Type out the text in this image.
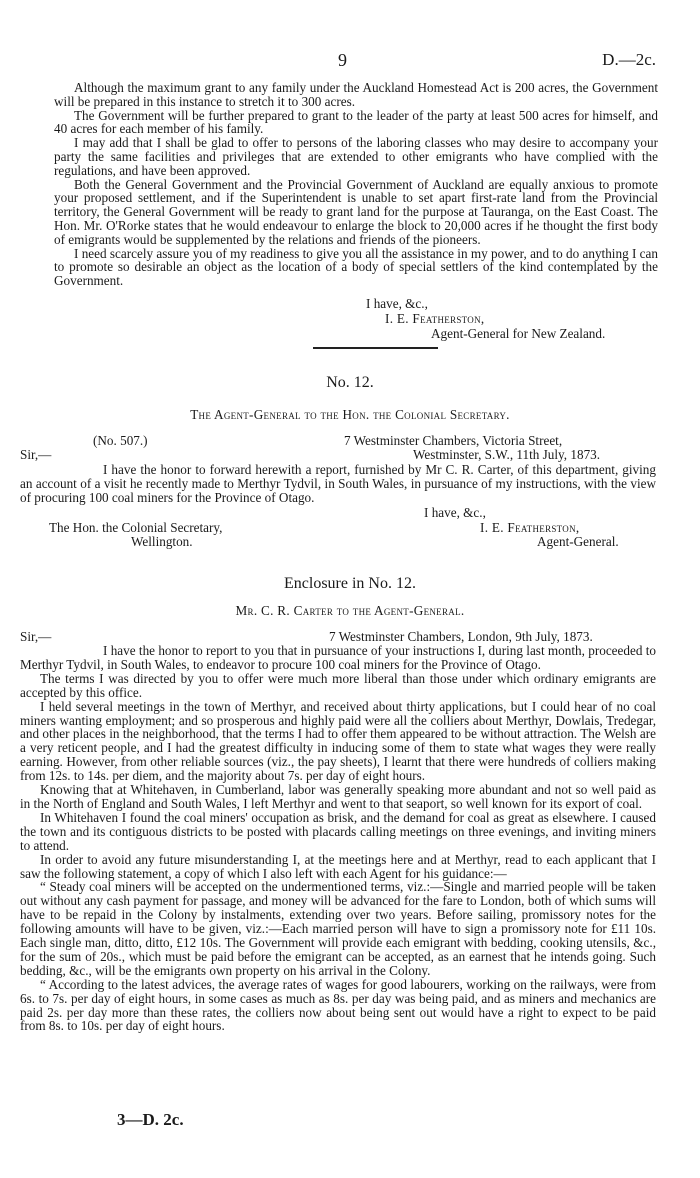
9	D.—2c.

Although the maximum grant to any family under the Auckland Homestead Act is 200 acres, the Government will be prepared in this instance to stretch it to 300 acres.

The Government will be further prepared to grant to the leader of the party at least 500 acres for himself, and 40 acres for each member of his family.

I may add that I shall be glad to offer to persons of the laboring classes who may desire to accompany your party the same facilities and privileges that are extended to other emigrants who have complied with the regulations, and have been approved.

Both the General Government and the Provincial Government of Auckland are equally anxious to promote your proposed settlement, and if the Superintendent is unable to set apart first-rate land from the Provincial territory, the General Government will be ready to grant land for the purpose at Tauranga, on the East Coast. The Hon. Mr. O'Rorke states that he would endeavour to enlarge the block to 20,000 acres if he thought the first body of emigrants would be supplemented by the relations and friends of the pioneers.

I need scarcely assure you of my readiness to give you all the assistance in my power, and to do anything I can to promote so desirable an object as the location of a body of special settlers of the kind contemplated by the Government.

I have, &c.,
I. E. Featherston,
Agent-General for New Zealand.
No. 12.
The Agent-General to the Hon. the Colonial Secretary.
(No. 507.)	7 Westminster Chambers, Victoria Street,
Sir,—	Westminster, S.W., 11th July, 1873.

I have the honor to forward herewith a report, furnished by Mr C. R. Carter, of this department, giving an account of a visit he recently made to Merthyr Tydvil, in South Wales, in pursuance of my instructions, with the view of procuring 100 coal miners for the Province of Otago.

I have, &c.,
The Hon. the Colonial Secretary,	I. E. Featherston,
Wellington.	Agent-General.
Enclosure in No. 12.
Mr. C. R. Carter to the Agent-General.
Sir,—	7 Westminster Chambers, London, 9th July, 1873.

I have the honor to report to you that in pursuance of your instructions I, during last month, proceeded to Merthyr Tydvil, in South Wales, to endeavor to procure 100 coal miners for the Province of Otago.

The terms I was directed by you to offer were much more liberal than those under which ordinary emigrants are accepted by this office.

I held several meetings in the town of Merthyr, and received about thirty applications, but I could hear of no coal miners wanting employment; and so prosperous and highly paid were all the colliers about Merthyr, Dowlais, Tredegar, and other places in the neighborhood, that the terms I had to offer them appeared to be without attraction. The Welsh are a very reticent people, and I had the greatest difficulty in inducing some of them to state what wages they were really earning. However, from other reliable sources (viz., the pay sheets), I learnt that there were hundreds of colliers making from 12s. to 14s. per diem, and the majority about 7s. per day of eight hours.

Knowing that at Whitehaven, in Cumberland, labor was generally speaking more abundant and not so well paid as in the North of England and South Wales, I left Merthyr and went to that seaport, so well known for its export of coal.

In Whitehaven I found the coal miners' occupation as brisk, and the demand for coal as great as elsewhere. I caused the town and its contiguous districts to be posted with placards calling meetings on three evenings, and inviting miners to attend.

In order to avoid any future misunderstanding I, at the meetings here and at Merthyr, read to each applicant that I saw the following statement, a copy of which I also left with each Agent for his guidance:—

“ Steady coal miners will be accepted on the undermentioned terms, viz.:—Single and married people will be taken out without any cash payment for passage, and money will be advanced for the fare to London, both of which sums will have to be repaid in the Colony by instalments, extending over two years. Before sailing, promissory notes for the following amounts will have to be given, viz.:—Each married person will have to sign a promissory note for £11 10s. Each single man, ditto, ditto, £12 10s. The Government will provide each emigrant with bedding, cooking utensils, &c., for the sum of 20s., which must be paid before the emigrant can be accepted, as an earnest that he intends going. Such bedding, &c., will be the emigrants own property on his arrival in the Colony.

“ According to the latest advices, the average rates of wages for good labourers, working on the railways, were from 6s. to 7s. per day of eight hours, in some cases as much as 8s. per day was being paid, and as miners and mechanics are paid 2s. per day more than these rates, the colliers now about being sent out would have a right to expect to be paid from 8s. to 10s. per day of eight hours.

3—D. 2c.
